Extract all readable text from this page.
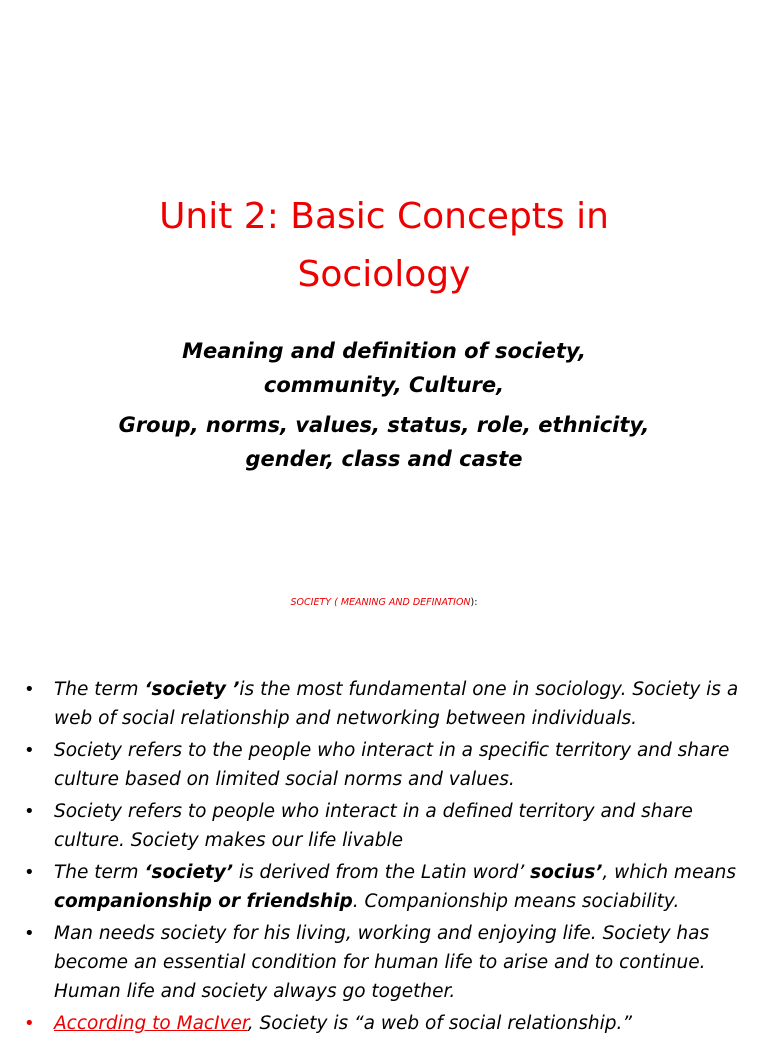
Unit 2: Basic Concepts in
Sociology
Meaning and definition of society,
community, Culture,
Group, norms, values, status, role, ethnicity,
gender, class and caste
SOCIETY ( MEANING AND DEFINATION):
• The term ‘society ’is the most fundamental one in sociology. Society is a web of social relationship and networking between individuals.
• Society refers to the people who interact in a specific territory and share culture based on limited social norms and values.
• Society refers to people who interact in a defined territory and share culture. Society makes our life livable
• The term ‘society’ is derived from the Latin word’ socius’, which means companionship or friendship. Companionship means sociability.
• Man needs society for his living, working and enjoying life. Society has become an essential condition for human life to arise and to continue. Human life and society always go together.
• According to MacIver, Society is “a web of social relationship.”
